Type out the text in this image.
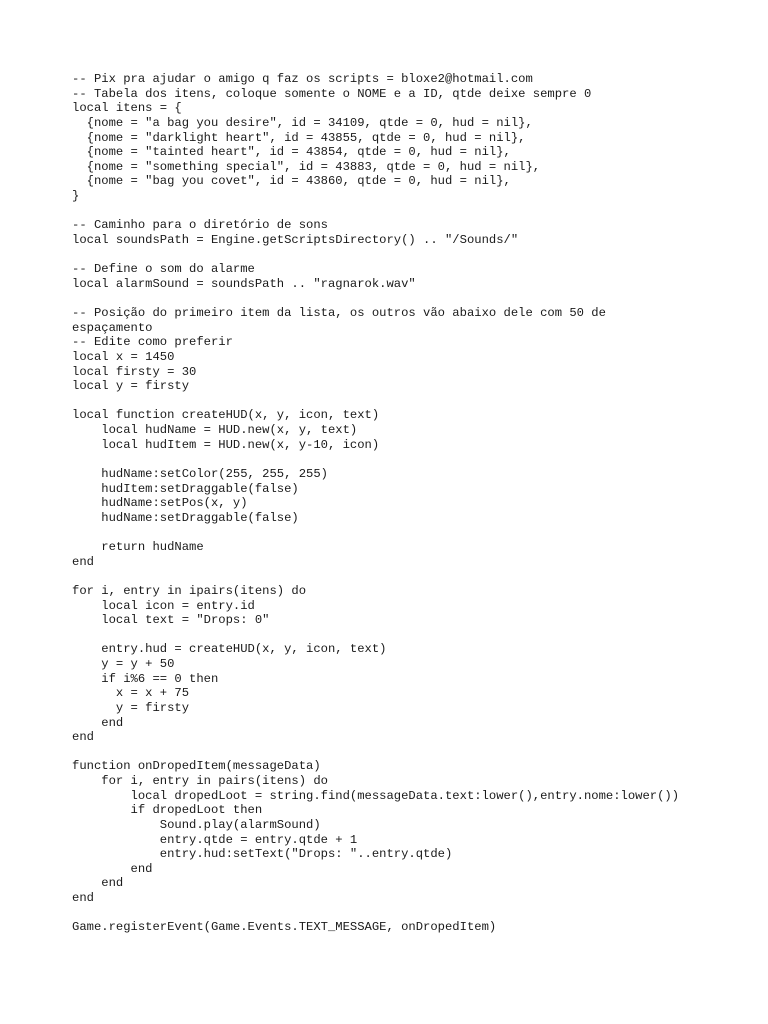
-- Pix pra ajudar o amigo q faz os scripts = bloxe2@hotmail.com
-- Tabela dos itens, coloque somente o NOME e a ID, qtde deixe sempre 0
local itens = {
{nome = "a bag you desire", id = 34109, qtde = 0, hud = nil},
{nome = "darklight heart", id = 43855, qtde = 0, hud = nil},
{nome = "tainted heart", id = 43854, qtde = 0, hud = nil},
{nome = "something special", id = 43883, qtde = 0, hud = nil},
{nome = "bag you covet", id = 43860, qtde = 0, hud = nil},
}
-- Caminho para o diretório de sons
local soundsPath = Engine.getScriptsDirectory() .. "/Sounds/"
-- Define o som do alarme
local alarmSound = soundsPath .. "ragnarok.wav"
-- Posição do primeiro item da lista, os outros vão abaixo dele com 50 de
espaçamento
-- Edite como preferir
local x = 1450
local firsty = 30
local y = firsty
local function createHUD(x, y, icon, text)
local hudName = HUD.new(x, y, text)
local hudItem = HUD.new(x, y-10, icon)
hudName:setColor(255, 255, 255)
hudItem:setDraggable(false)
hudName:setPos(x, y)
hudName:setDraggable(false)
return hudName
end
for i, entry in ipairs(itens) do
local icon = entry.id
local text = "Drops: 0"
entry.hud = createHUD(x, y, icon, text)
y = y + 50
if i%6 == 0 then
x = x + 75
y = firsty
end
end
function onDropedItem(messageData)
for i, entry in pairs(itens) do
local dropedLoot = string.find(messageData.text:lower(),entry.nome:lower())
if dropedLoot then
Sound.play(alarmSound)
entry.qtde = entry.qtde + 1
entry.hud:setText("Drops: "..entry.qtde)
end
end
end
Game.registerEvent(Game.Events.TEXT_MESSAGE, onDropedItem)
